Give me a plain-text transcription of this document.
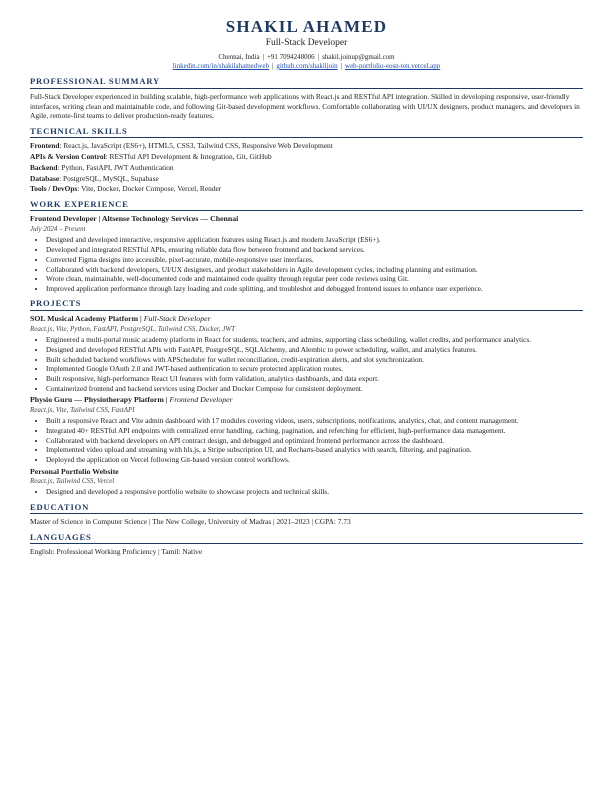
SHAKIL AHAMED
Full-Stack Developer
Chennai, India | +91 7094248006 | shakil.joinup@gmail.com
linkedin.com/in/shakilahamedweb | github.com/shakiljoin | web-portfolio-eosn-ten.vercel.app
PROFESSIONAL SUMMARY

Full-Stack Developer experienced in building scalable, high-performance web applications with React.js and RESTful API integration. Skilled in developing responsive, user-friendly interfaces, writing clean and maintainable code, and following Git-based development workflows. Comfortable collaborating with UI/UX designers, product managers, and developers in Agile, remote-first teams to deliver production-ready features.

TECHNICAL SKILLS
Frontend: React.js, JavaScript (ES6+), HTML5, CSS3, Tailwind CSS, Responsive Web Development
APIs & Version Control: RESTful API Development & Integration, Git, GitHub
Backend: Python, FastAPI, JWT Authentication
Database: PostgreSQL, MySQL, Supabase
Tools / DevOps: Vite, Docker, Docker Compose, Vercel, Render
WORK EXPERIENCE
Frontend Developer | Altsense Technology Services — Chennai
July 2024 – Present
• Designed and developed interactive, responsive application features using React.js and modern JavaScript (ES6+).
• Developed and integrated RESTful APIs, ensuring reliable data flow between frontend and backend services.
• Converted Figma designs into accessible, pixel-accurate, mobile-responsive user interfaces.
• Collaborated with backend developers, UI/UX designers, and product stakeholders in Agile development cycles, including planning and estimation.
• Wrote clean, maintainable, well-documented code and maintained code quality through regular peer code reviews using Git.
• Improved application performance through lazy loading and code splitting, and troubleshot and debugged frontend issues to enhance user experience.
PROJECTS
SOL Musical Academy Platform | Full-Stack Developer
React.js, Vite, Python, FastAPI, PostgreSQL, Tailwind CSS, Docker, JWT
• Engineered a multi-portal music academy platform in React for students, teachers, and admins, supporting class scheduling, wallet credits, and performance analytics.
• Designed and developed RESTful APIs with FastAPI, PostgreSQL, SQLAlchemy, and Alembic to power scheduling, wallet, and analytics features.
• Built scheduled backend workflows with APScheduler for wallet reconciliation, credit-expiration alerts, and slot synchronization.
• Implemented Google OAuth 2.0 and JWT-based authentication to secure protected application routes.
• Built responsive, high-performance React UI features with form validation, analytics dashboards, and data export.
• Containerized frontend and backend services using Docker and Docker Compose for consistent deployment.
Physio Guru — Physiotherapy Platform | Frontend Developer
React.js, Vite, Tailwind CSS, FastAPI
• Built a responsive React and Vite admin dashboard with 17 modules covering videos, users, subscriptions, notifications, analytics, chat, and content management.
• Integrated 40+ RESTful API endpoints with centralized error handling, caching, pagination, and refetching for efficient, high-performance data management.
• Collaborated with backend developers on API contract design, and debugged and optimized frontend performance across the dashboard.
• Implemented video upload and streaming with hls.js, a Stripe subscription UI, and Recharts-based analytics with search, filtering, and pagination.
• Deployed the application on Vercel following Git-based version control workflows.
Personal Portfolio Website
React.js, Tailwind CSS, Vercel
• Designed and developed a responsive portfolio website to showcase projects and technical skills.
EDUCATION
Master of Science in Computer Science | The New College, University of Madras | 2021–2023 | CGPA: 7.73
LANGUAGES
English: Professional Working Proficiency | Tamil: Native
